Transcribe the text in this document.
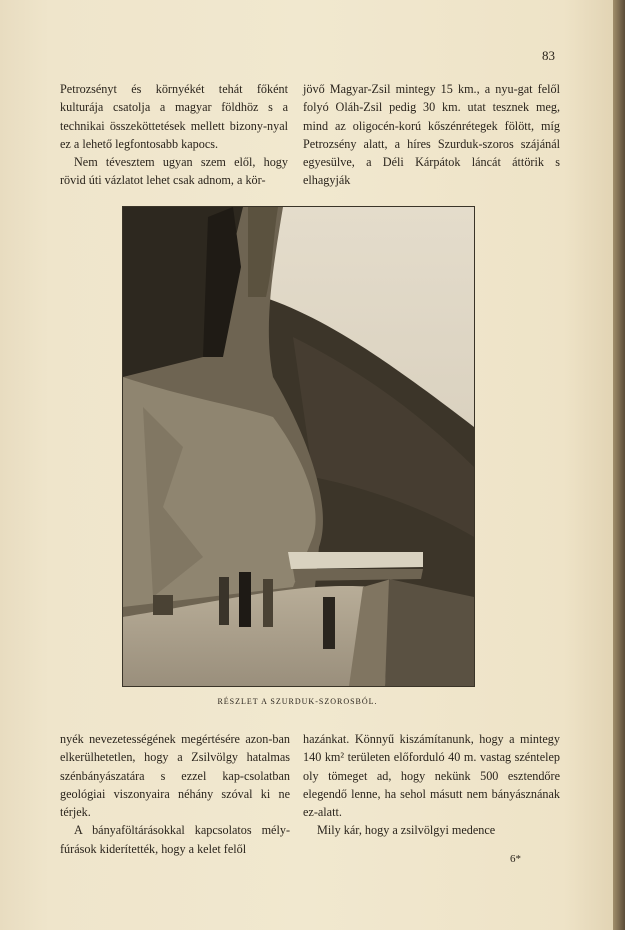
83

Petrozsényt és környékét tehát főként kulturája csatolja a magyar földhöz s a technikai összeköttetések mellett bizony-nyal ez a lehető legfontosabb kapocs.

Nem tévesztem ugyan szem elől, hogy rövid úti vázlatot lehet csak adnom, a kör-

jövő Magyar-Zsil mintegy 15 km., a nyu-gat felől folyó Oláh-Zsil pedig 30 km. utat tesznek meg, mind az oligocén-korú kőszénrétegek fölött, míg Petrozsény alatt, a híres Szurduk-szoros szájánál egyesülve, a Déli Kárpátok láncát áttörik s elhagyják

RÉSZLET A SZURDUK-SZOROSBÓL.

nyék nevezetességének megértésére azon-ban elkerülhetetlen, hogy a Zsilvölgy hatalmas szénbányászatára s ezzel kap-csolatban geológiai viszonyaira néhány szóval ki ne térjek.

A bányaföltárásokkal kapcsolatos mély-fúrások kiderítették, hogy a kelet felől

hazánkat. Könnyű kiszámítanunk, hogy a mintegy 140 km² területen előforduló 40 m. vastag széntelep oly tömeget ad, hogy nekünk 500 esztendőre elegendő lenne, ha sehol másutt nem bányásznának ez-alatt.

Mily kár, hogy a zsilvölgyi medence

6*
